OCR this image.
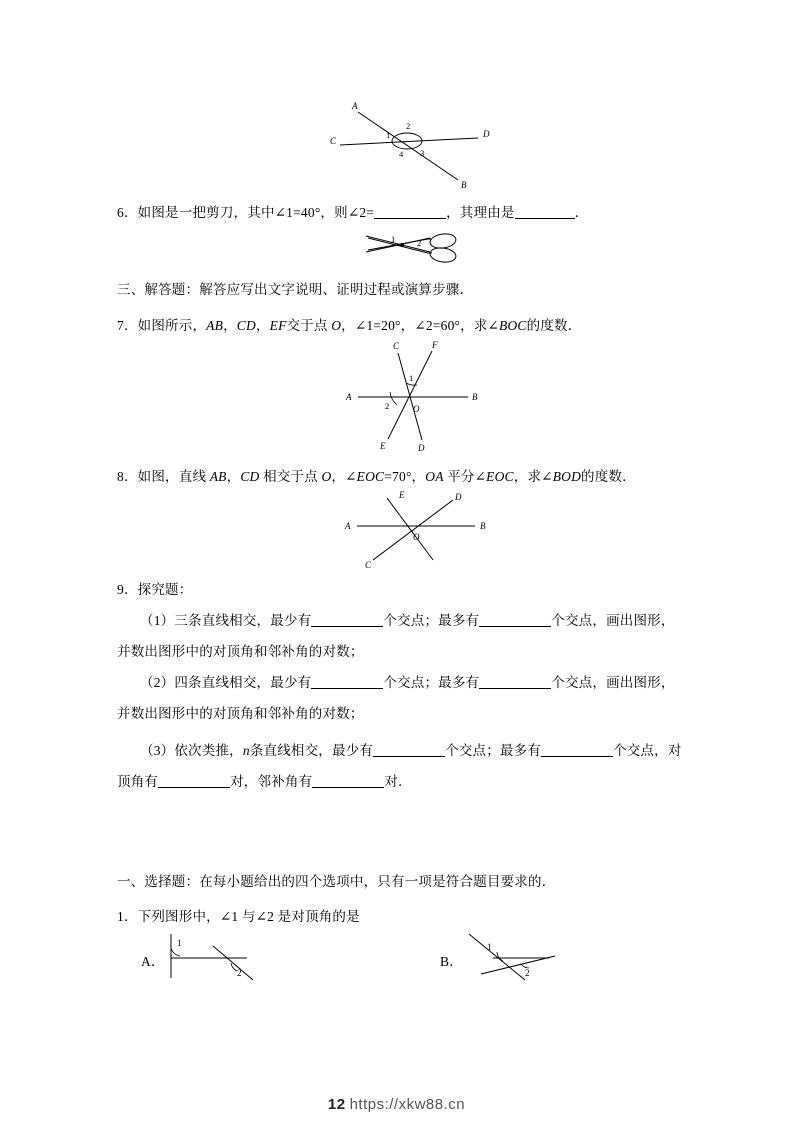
A
C
D
B
1
2
3
4
6．如图是一把剪刀，其中∠1=40°，则∠2=	，其理由是	．
1	2
三、解答题：解答应写出文字说明、证明过程或演算步骤．
7．如图所示，AB，CD，EF交于点 O，∠1=20°，∠2=60°，求∠BOC的度数．
C	F
A	B
O
E	D
1
2
8．如图，直线 AB，CD 相交于点 O，∠EOC=70°，OA 平分∠EOC，求∠BOD的度数．
E
A	B
O
D
C
9．探究题：
（1）三条直线相交，最少有	个交点；最多有	个交点，画出图形，
并数出图形中的对顶角和邻补角的对数；
（2）四条直线相交，最少有	个交点；最多有	个交点，画出图形，
并数出图形中的对顶角和邻补角的对数；
（3）依次类推，n条直线相交，最少有	个交点；最多有	个交点，对
顶角有	对，邻补角有	对．
一、选择题：在每小题给出的四个选项中，只有一项是符合题目要求的．
1．下列图形中，∠1 与∠2 是对顶角的是
A．
1
2
B．
1
2
12 https://xkw88.cn
